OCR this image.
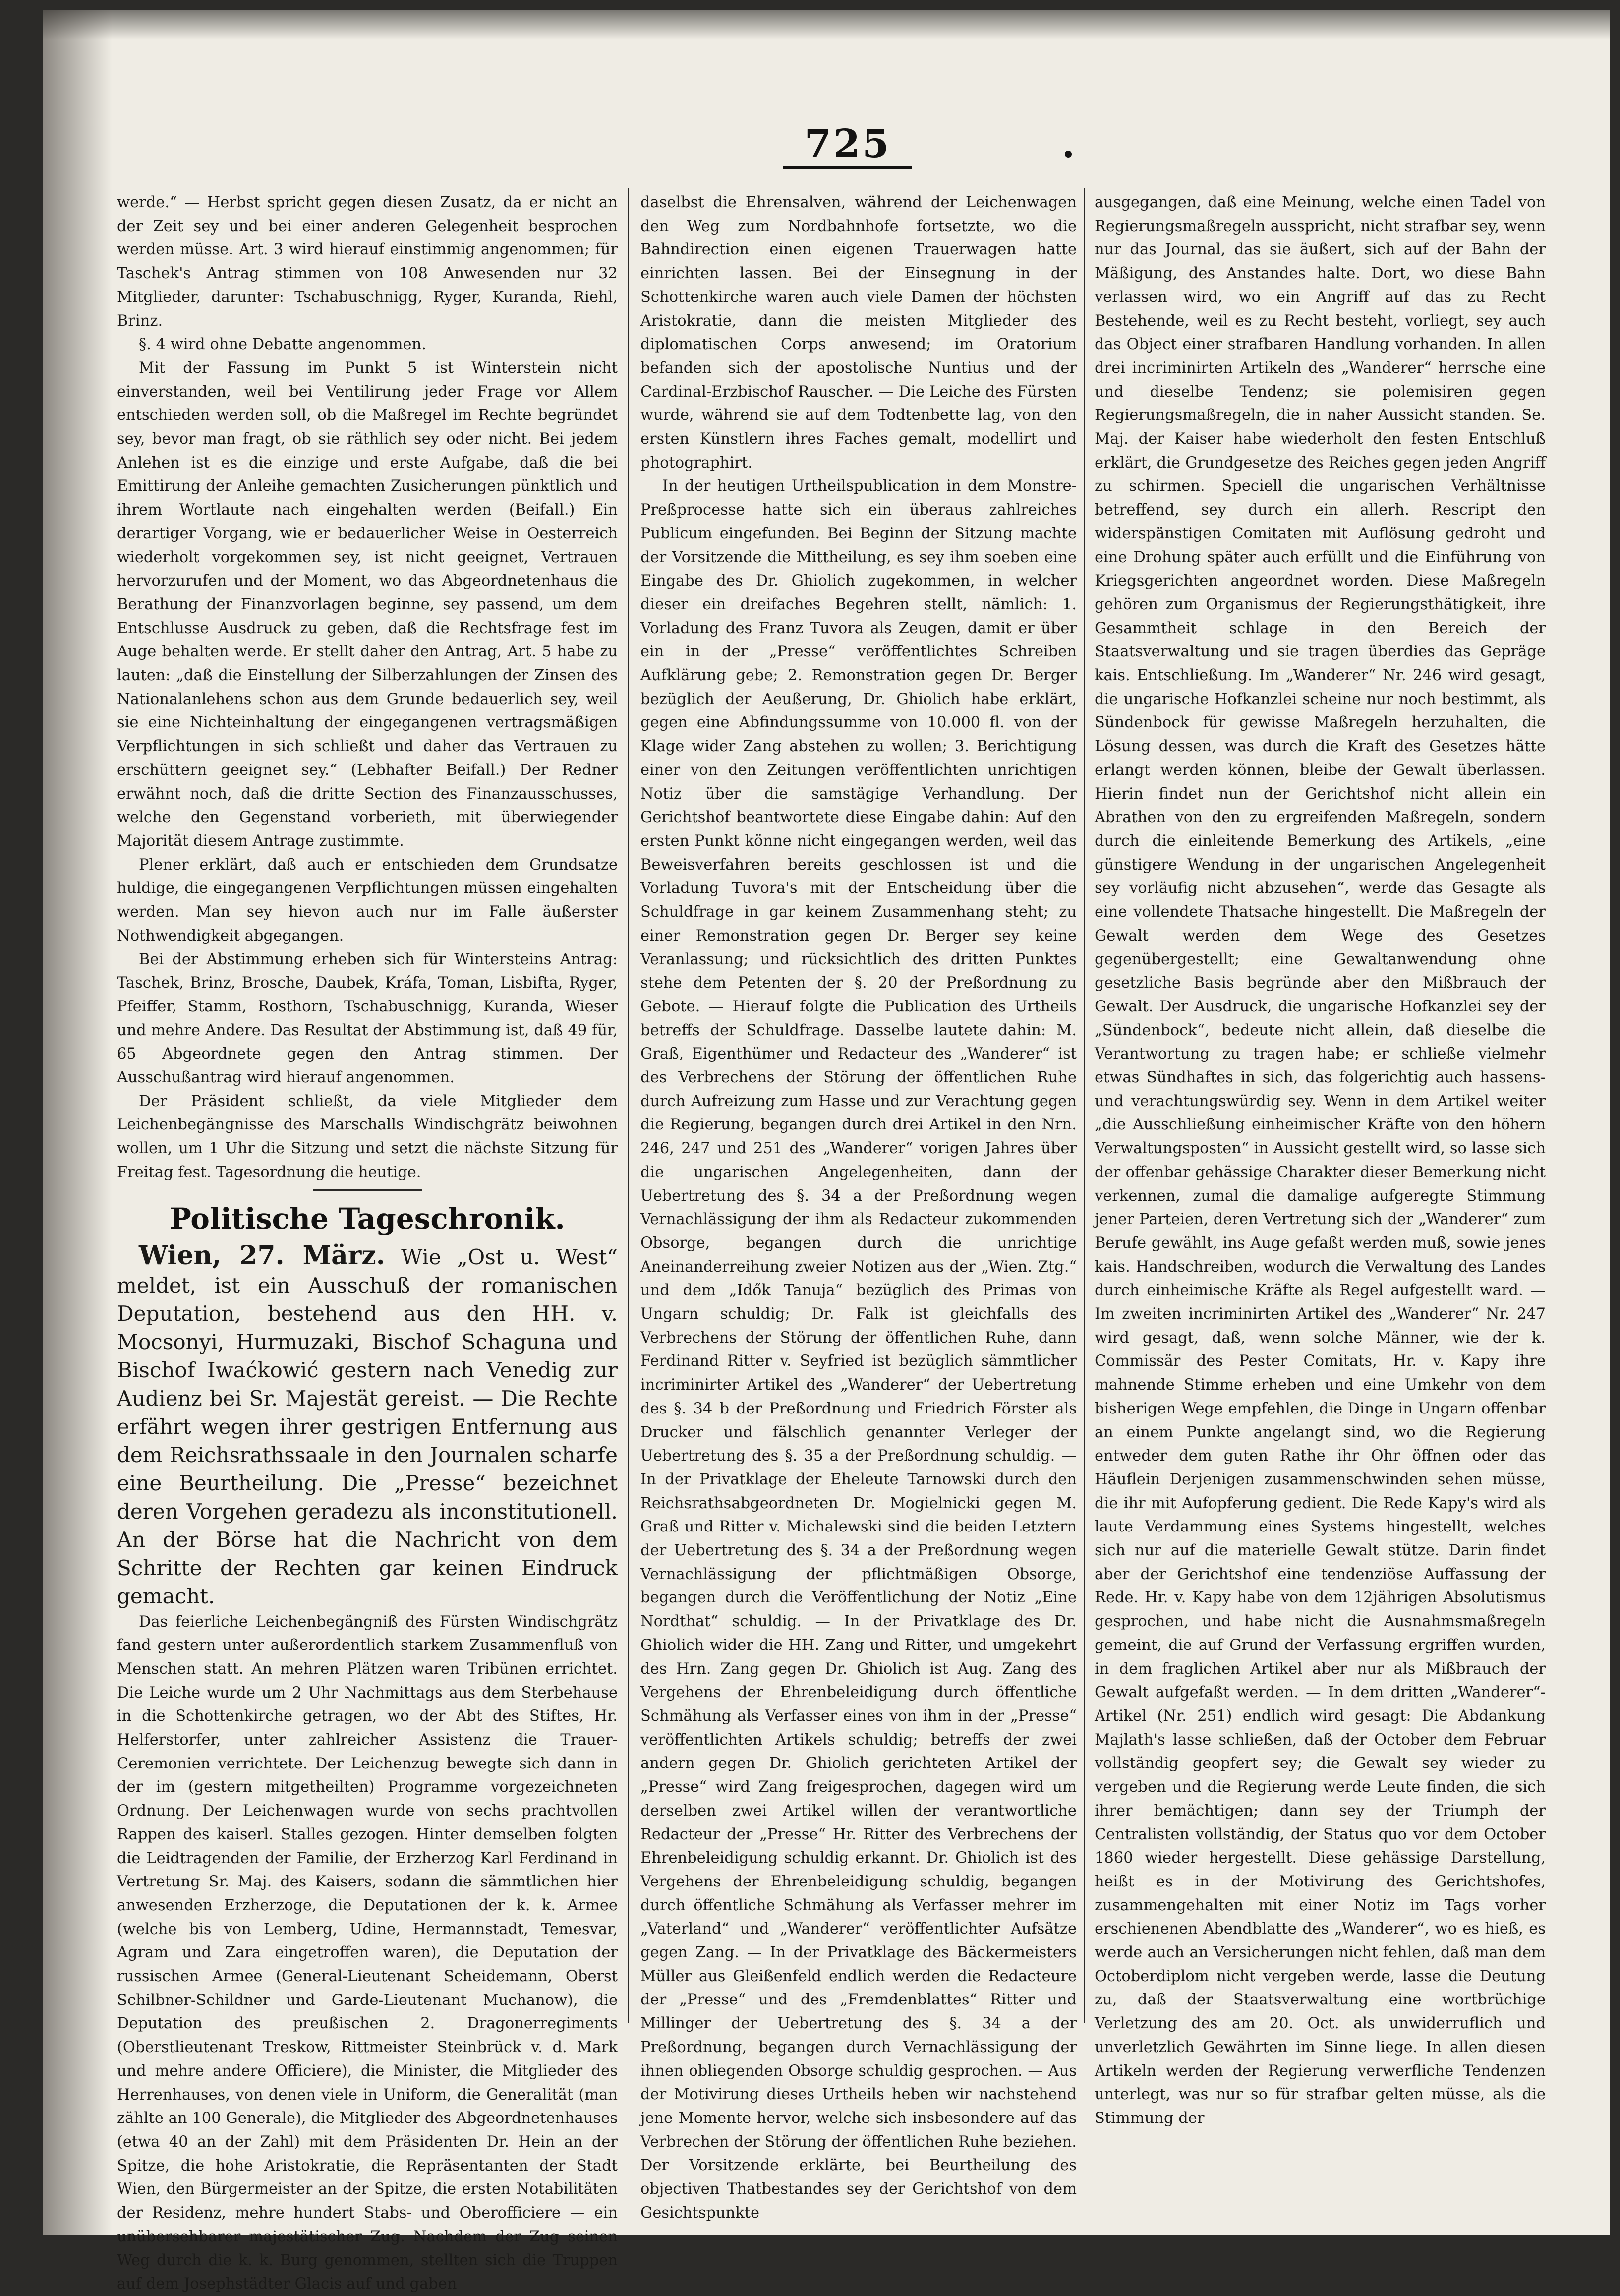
725

werde.“ — Herbst spricht gegen diesen Zusatz, da er nicht an der Zeit sey und bei einer anderen Gelegenheit besprochen werden müsse. Art. 3 wird hierauf einstimmig angenommen; für Taschek's Antrag stimmen von 108 Anwesenden nur 32 Mitglieder, darunter: Tschabuschnigg, Ryger, Kuranda, Riehl, Brinz.

§. 4 wird ohne Debatte angenommen.

Mit der Fassung im Punkt 5 ist Winterstein nicht einverstanden, weil bei Ventilirung jeder Frage vor Allem entschieden werden soll, ob die Maßregel im Rechte begründet sey, bevor man fragt, ob sie räthlich sey oder nicht. Bei jedem Anlehen ist es die einzige und erste Aufgabe, daß die bei Emittirung der Anleihe gemachten Zusicherungen pünktlich und ihrem Wortlaute nach eingehalten werden (Beifall.) Ein derartiger Vorgang, wie er bedauerlicher Weise in Oesterreich wiederholt vorgekommen sey, ist nicht geeignet, Vertrauen hervorzurufen und der Moment, wo das Abgeordnetenhaus die Berathung der Finanzvorlagen beginne, sey passend, um dem Entschlusse Ausdruck zu geben, daß die Rechtsfrage fest im Auge behalten werde. Er stellt daher den Antrag, Art. 5 habe zu lauten: „daß die Einstellung der Silberzahlungen der Zinsen des Nationalanlehens schon aus dem Grunde bedauerlich sey, weil sie eine Nichteinhaltung der eingegangenen vertragsmäßigen Verpflichtungen in sich schließt und daher das Vertrauen zu erschüttern geeignet sey.“ (Lebhafter Beifall.) Der Redner erwähnt noch, daß die dritte Section des Finanzausschusses, welche den Gegenstand vorberieth, mit überwiegender Majorität diesem Antrage zustimmte.

Plener erklärt, daß auch er entschieden dem Grundsatze huldige, die eingegangenen Verpflichtungen müssen eingehalten werden. Man sey hievon auch nur im Falle äußerster Nothwendigkeit abgegangen.

Bei der Abstimmung erheben sich für Wintersteins Antrag: Taschek, Brinz, Brosche, Daubek, Kráfa, Toman, Lisbifta, Ryger, Pfeiffer, Stamm, Rosthorn, Tschabuschnigg, Kuranda, Wieser und mehre Andere. Das Resultat der Abstimmung ist, daß 49 für, 65 Abgeordnete gegen den Antrag stimmen. Der Ausschußantrag wird hierauf angenommen.

Der Präsident schließt, da viele Mitglieder dem Leichenbegängnisse des Marschalls Windischgrätz beiwohnen wollen, um 1 Uhr die Sitzung und setzt die nächste Sitzung für Freitag fest. Tagesordnung die heutige.

Politische Tageschronik.

Wien, 27. März. Wie „Ost u. West“ meldet, ist ein Ausschuß der romanischen Deputation, bestehend aus den HH. v. Mocsonyi, Hurmuzaki, Bischof Schaguna und Bischof Iwaćkowić gestern nach Venedig zur Audienz bei Sr. Majestät gereist. — Die Rechte erfährt wegen ihrer gestrigen Entfernung aus dem Reichsrathssaale in den Journalen scharfe eine Beurtheilung. Die „Presse“ bezeichnet deren Vorgehen geradezu als inconstitutionell. An der Börse hat die Nachricht von dem Schritte der Rechten gar keinen Eindruck gemacht.

Das feierliche Leichenbegängniß des Fürsten Windischgrätz fand gestern unter außerordentlich starkem Zusammenfluß von Menschen statt. An mehren Plätzen waren Tribünen errichtet. Die Leiche wurde um 2 Uhr Nachmittags aus dem Sterbehause in die Schottenkirche getragen, wo der Abt des Stiftes, Hr. Helferstorfer, unter zahlreicher Assistenz die Trauer-Ceremonien verrichtete. Der Leichenzug bewegte sich dann in der im (gestern mitgetheilten) Programme vorgezeichneten Ordnung. Der Leichenwagen wurde von sechs prachtvollen Rappen des kaiserl. Stalles gezogen. Hinter demselben folgten die Leidtragenden der Familie, der Erzherzog Karl Ferdinand in Vertretung Sr. Maj. des Kaisers, sodann die sämmtlichen hier anwesenden Erzherzoge, die Deputationen der k. k. Armee (welche bis von Lemberg, Udine, Hermannstadt, Temesvar, Agram und Zara eingetroffen waren), die Deputation der russischen Armee (General-Lieutenant Scheidemann, Oberst Schilbner-Schildner und Garde-Lieutenant Muchanow), die Deputation des preußischen 2. Dragonerregiments (Oberstlieutenant Treskow, Rittmeister Steinbrück v. d. Mark und mehre andere Officiere), die Minister, die Mitglieder des Herrenhauses, von denen viele in Uniform, die Generalität (man zählte an 100 Generale), die Mitglieder des Abgeordnetenhauses (etwa 40 an der Zahl) mit dem Präsidenten Dr. Hein an der Spitze, die hohe Aristokratie, die Repräsentanten der Stadt Wien, den Bürgermeister an der Spitze, die ersten Notabilitäten der Residenz, mehre hundert Stabs- und Oberofficiere — ein unübersehbarer majestätischer Zug. Nachdem der Zug seinen Weg durch die k. k. Burg genommen, stellten sich die Truppen auf dem Josephstädter Glacis auf und gaben

daselbst die Ehrensalven, während der Leichenwagen den Weg zum Nordbahnhofe fortsetzte, wo die Bahndirection einen eigenen Trauerwagen hatte einrichten lassen. Bei der Einsegnung in der Schottenkirche waren auch viele Damen der höchsten Aristokratie, dann die meisten Mitglieder des diplomatischen Corps anwesend; im Oratorium befanden sich der apostolische Nuntius und der Cardinal-Erzbischof Rauscher. — Die Leiche des Fürsten wurde, während sie auf dem Todtenbette lag, von den ersten Künstlern ihres Faches gemalt, modellirt und photographirt.

In der heutigen Urtheilspublication in dem Monstre-Preßprocesse hatte sich ein überaus zahlreiches Publicum eingefunden. Bei Beginn der Sitzung machte der Vorsitzende die Mittheilung, es sey ihm soeben eine Eingabe des Dr. Ghiolich zugekommen, in welcher dieser ein dreifaches Begehren stellt, nämlich: 1. Vorladung des Franz Tuvora als Zeugen, damit er über ein in der „Presse“ veröffentlichtes Schreiben Aufklärung gebe; 2. Remonstration gegen Dr. Berger bezüglich der Aeußerung, Dr. Ghiolich habe erklärt, gegen eine Abfindungssumme von 10.000 fl. von der Klage wider Zang abstehen zu wollen; 3. Berichtigung einer von den Zeitungen veröffentlichten unrichtigen Notiz über die samstägige Verhandlung. Der Gerichtshof beantwortete diese Eingabe dahin: Auf den ersten Punkt könne nicht eingegangen werden, weil das Beweisverfahren bereits geschlossen ist und die Vorladung Tuvora's mit der Entscheidung über die Schuldfrage in gar keinem Zusammenhang steht; zu einer Remonstration gegen Dr. Berger sey keine Veranlassung; und rücksichtlich des dritten Punktes stehe dem Petenten der §. 20 der Preßordnung zu Gebote. — Hierauf folgte die Publication des Urtheils betreffs der Schuldfrage. Dasselbe lautete dahin: M. Graß, Eigenthümer und Redacteur des „Wanderer“ ist des Verbrechens der Störung der öffentlichen Ruhe durch Aufreizung zum Hasse und zur Verachtung gegen die Regierung, begangen durch drei Artikel in den Nrn. 246, 247 und 251 des „Wanderer“ vorigen Jahres über die ungarischen Angelegenheiten, dann der Uebertretung des §. 34 a der Preßordnung wegen Vernachlässigung der ihm als Redacteur zukommenden Obsorge, begangen durch die unrichtige Aneinanderreihung zweier Notizen aus der „Wien. Ztg.“ und dem „Idők Tanuja“ bezüglich des Primas von Ungarn schuldig; Dr. Falk ist gleichfalls des Verbrechens der Störung der öffentlichen Ruhe, dann Ferdinand Ritter v. Seyfried ist bezüglich sämmtlicher incriminirter Artikel des „Wanderer“ der Uebertretung des §. 34 b der Preßordnung und Friedrich Förster als Drucker und fälschlich genannter Verleger der Uebertretung des §. 35 a der Preßordnung schuldig. — In der Privatklage der Eheleute Tarnowski durch den Reichsrathsabgeordneten Dr. Mogielnicki gegen M. Graß und Ritter v. Michalewski sind die beiden Letztern der Uebertretung des §. 34 a der Preßordnung wegen Vernachlässigung der pflichtmäßigen Obsorge, begangen durch die Veröffentlichung der Notiz „Eine Nordthat“ schuldig. — In der Privatklage des Dr. Ghiolich wider die HH. Zang und Ritter, und umgekehrt des Hrn. Zang gegen Dr. Ghiolich ist Aug. Zang des Vergehens der Ehrenbeleidigung durch öffentliche Schmähung als Verfasser eines von ihm in der „Presse“ veröffentlichten Artikels schuldig; betreffs der zwei andern gegen Dr. Ghiolich gerichteten Artikel der „Presse“ wird Zang freigesprochen, dagegen wird um derselben zwei Artikel willen der verantwortliche Redacteur der „Presse“ Hr. Ritter des Verbrechens der Ehrenbeleidigung schuldig erkannt. Dr. Ghiolich ist des Vergehens der Ehrenbeleidigung schuldig, begangen durch öffentliche Schmähung als Verfasser mehrer im „Vaterland“ und „Wanderer“ veröffentlichter Aufsätze gegen Zang. — In der Privatklage des Bäckermeisters Müller aus Gleißenfeld endlich werden die Redacteure der „Presse“ und des „Fremdenblattes“ Ritter und Millinger der Uebertretung des §. 34 a der Preßordnung, begangen durch Vernachlässigung der ihnen obliegenden Obsorge schuldig gesprochen. — Aus der Motivirung dieses Urtheils heben wir nachstehend jene Momente hervor, welche sich insbesondere auf das Verbrechen der Störung der öffentlichen Ruhe beziehen. Der Vorsitzende erklärte, bei Beurtheilung des objectiven Thatbestandes sey der Gerichtshof von dem Gesichtspunkte

ausgegangen, daß eine Meinung, welche einen Tadel von Regierungsmaßregeln ausspricht, nicht strafbar sey, wenn nur das Journal, das sie äußert, sich auf der Bahn der Mäßigung, des Anstandes halte. Dort, wo diese Bahn verlassen wird, wo ein Angriff auf das zu Recht Bestehende, weil es zu Recht besteht, vorliegt, sey auch das Object einer strafbaren Handlung vorhanden. In allen drei incriminirten Artikeln des „Wanderer“ herrsche eine und dieselbe Tendenz; sie polemisiren gegen Regierungsmaßregeln, die in naher Aussicht standen. Se. Maj. der Kaiser habe wiederholt den festen Entschluß erklärt, die Grundgesetze des Reiches gegen jeden Angriff zu schirmen. Speciell die ungarischen Verhältnisse betreffend, sey durch ein allerh. Rescript den widerspänstigen Comitaten mit Auflösung gedroht und eine Drohung später auch erfüllt und die Einführung von Kriegsgerichten angeordnet worden. Diese Maßregeln gehören zum Organismus der Regierungsthätigkeit, ihre Gesammtheit schlage in den Bereich der Staatsverwaltung und sie tragen überdies das Gepräge kais. Entschließung. Im „Wanderer“ Nr. 246 wird gesagt, die ungarische Hofkanzlei scheine nur noch bestimmt, als Sündenbock für gewisse Maßregeln herzuhalten, die Lösung dessen, was durch die Kraft des Gesetzes hätte erlangt werden können, bleibe der Gewalt überlassen. Hierin findet nun der Gerichtshof nicht allein ein Abrathen von den zu ergreifenden Maßregeln, sondern durch die einleitende Bemerkung des Artikels, „eine günstigere Wendung in der ungarischen Angelegenheit sey vorläufig nicht abzusehen“, werde das Gesagte als eine vollendete Thatsache hingestellt. Die Maßregeln der Gewalt werden dem Wege des Gesetzes gegenübergestellt; eine Gewaltanwendung ohne gesetzliche Basis begründe aber den Mißbrauch der Gewalt. Der Ausdruck, die ungarische Hofkanzlei sey der „Sündenbock“, bedeute nicht allein, daß dieselbe die Verantwortung zu tragen habe; er schließe vielmehr etwas Sündhaftes in sich, das folgerichtig auch hassens- und verachtungswürdig sey. Wenn in dem Artikel weiter „die Ausschließung einheimischer Kräfte von den höhern Verwaltungsposten“ in Aussicht gestellt wird, so lasse sich der offenbar gehässige Charakter dieser Bemerkung nicht verkennen, zumal die damalige aufgeregte Stimmung jener Parteien, deren Vertretung sich der „Wanderer“ zum Berufe gewählt, ins Auge gefaßt werden muß, sowie jenes kais. Handschreiben, wodurch die Verwaltung des Landes durch einheimische Kräfte als Regel aufgestellt ward. — Im zweiten incriminirten Artikel des „Wanderer“ Nr. 247 wird gesagt, daß, wenn solche Männer, wie der k. Commissär des Pester Comitats, Hr. v. Kapy ihre mahnende Stimme erheben und eine Umkehr von dem bisherigen Wege empfehlen, die Dinge in Ungarn offenbar an einem Punkte angelangt sind, wo die Regierung entweder dem guten Rathe ihr Ohr öffnen oder das Häuflein Derjenigen zusammenschwinden sehen müsse, die ihr mit Aufopferung gedient. Die Rede Kapy's wird als laute Verdammung eines Systems hingestellt, welches sich nur auf die materielle Gewalt stütze. Darin findet aber der Gerichtshof eine tendenziöse Auffassung der Rede. Hr. v. Kapy habe von dem 12jährigen Absolutismus gesprochen, und habe nicht die Ausnahmsmaßregeln gemeint, die auf Grund der Verfassung ergriffen wurden, in dem fraglichen Artikel aber nur als Mißbrauch der Gewalt aufgefaßt werden. — In dem dritten „Wanderer“-Artikel (Nr. 251) endlich wird gesagt: Die Abdankung Majlath's lasse schließen, daß der October dem Februar vollständig geopfert sey; die Gewalt sey wieder zu vergeben und die Regierung werde Leute finden, die sich ihrer bemächtigen; dann sey der Triumph der Centralisten vollständig, der Status quo vor dem October 1860 wieder hergestellt. Diese gehässige Darstellung, heißt es in der Motivirung des Gerichtshofes, zusammengehalten mit einer Notiz im Tags vorher erschienenen Abendblatte des „Wanderer“, wo es hieß, es werde auch an Versicherungen nicht fehlen, daß man dem Octoberdiplom nicht vergeben werde, lasse die Deutung zu, daß der Staatsverwaltung eine wortbrüchige Verletzung des am 20. Oct. als unwiderruflich und unverletzlich Gewährten im Sinne liege. In allen diesen Artikeln werden der Regierung verwerfliche Tendenzen unterlegt, was nur so für strafbar gelten müsse, als die Stimmung der
